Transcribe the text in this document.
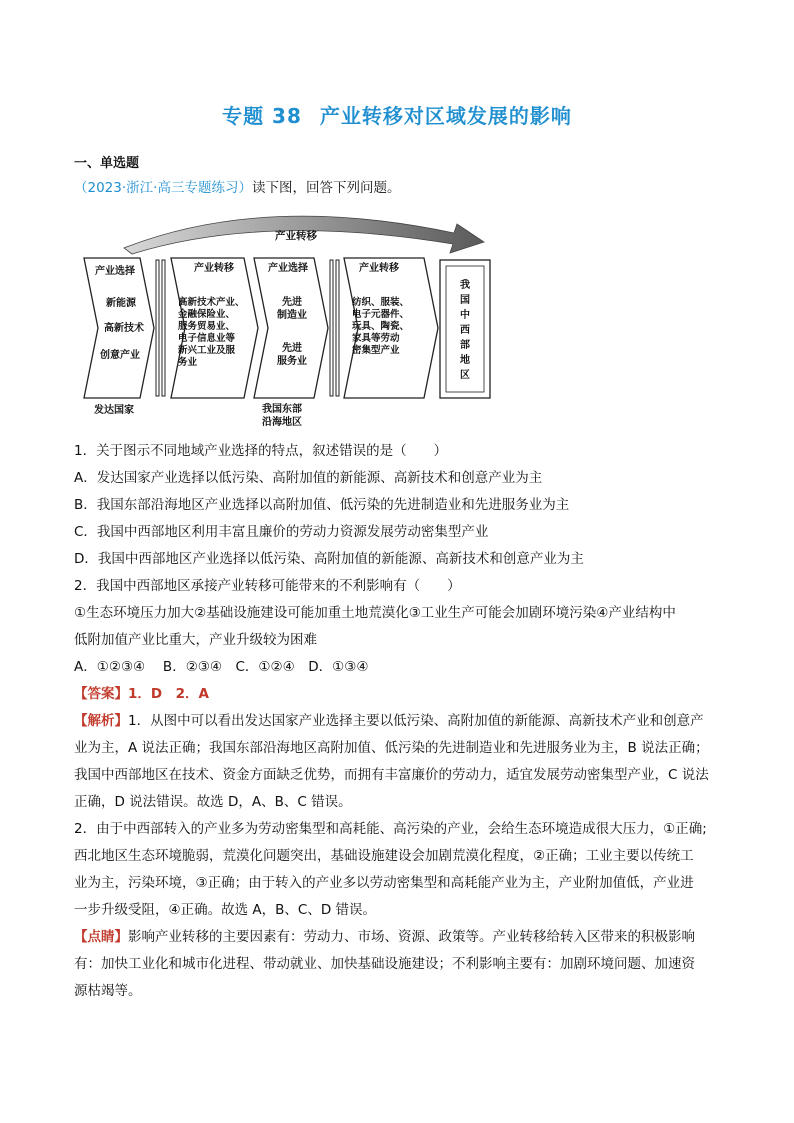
专题 38 产业转移对区域发展的影响
一、单选题
（2023·浙江·高三专题练习）读下图，回答下列问题。
产业转移
产业选择
新能源
高新技术
创意产业
发达国家
产业转移
高新技术产业、
金融保险业、
服务贸易业、
电子信息业等
新兴工业及服
务业
产业选择
先进
制造业
先进
服务业
我国东部
沿海地区
产业转移
纺织、服装、
电子元器件、
玩具、陶瓷、
家具等劳动
密集型产业
我
国
中
西
部
地
区
1．关于图示不同地域产业选择的特点，叙述错误的是（　　）
A．发达国家产业选择以低污染、高附加值的新能源、高新技术和创意产业为主
B．我国东部沿海地区产业选择以高附加值、低污染的先进制造业和先进服务业为主
C．我国中西部地区利用丰富且廉价的劳动力资源发展劳动密集型产业
D．我国中西部地区产业选择以低污染、高附加值的新能源、高新技术和创意产业为主
2．我国中西部地区承接产业转移可能带来的不利影响有（　　）
①生态环境压力加大②基础设施建设可能加重土地荒漠化③工业生产可能会加剧环境污染④产业结构中
低附加值产业比重大，产业升级较为困难
A．①②③④　 B．②③④　C．①②④　D．①③④
【答案】1．D　2．A
【解析】1．从图中可以看出发达国家产业选择主要以低污染、高附加值的新能源、高新技术产业和创意产
业为主，A 说法正确；我国东部沿海地区高附加值、低污染的先进制造业和先进服务业为主，B 说法正确；
我国中西部地区在技术、资金方面缺乏优势，而拥有丰富廉价的劳动力，适宜发展劳动密集型产业，C 说法
正确，D 说法错误。故选 D，A、B、C 错误。
2．由于中西部转入的产业多为劳动密集型和高耗能、高污染的产业，会给生态环境造成很大压力，①正确;
西北地区生态环境脆弱，荒漠化问题突出，基础设施建设会加剧荒漠化程度，②正确；工业主要以传统工
业为主，污染环境，③正确；由于转入的产业多以劳动密集型和高耗能产业为主，产业附加值低，产业进
一步升级受阻，④正确。故选 A，B、C、D 错误。
【点睛】影响产业转移的主要因素有：劳动力、市场、资源、政策等。产业转移给转入区带来的积极影响
有：加快工业化和城市化进程、带动就业、加快基础设施建设；不利影响主要有：加剧环境问题、加速资
源枯竭等。
